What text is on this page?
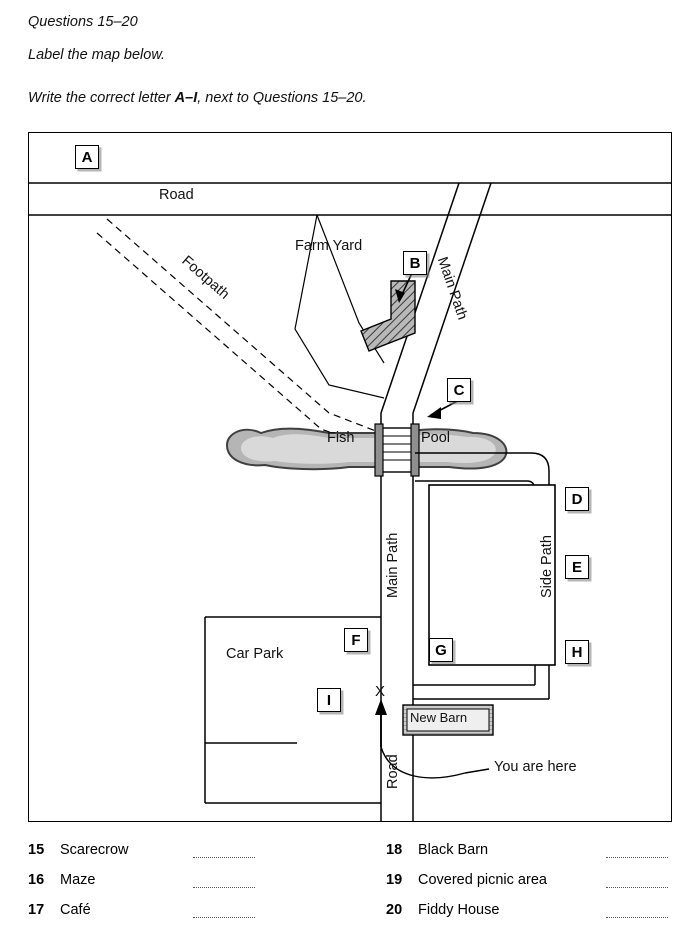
Questions 15–20
Label the map below.
Write the correct letter A–I, next to Questions 15–20.
A
B
C
D
E
F
G	H
I
Road
Farm Yard
Footpath	Main Path
Fish	Pool
Main Path	Side Path
Car Park
New Barn
You are here
Road
X
15 Scarecrow
16 Maze
17 Café
18 Black Barn
19 Covered picnic area
20 Fiddy House
